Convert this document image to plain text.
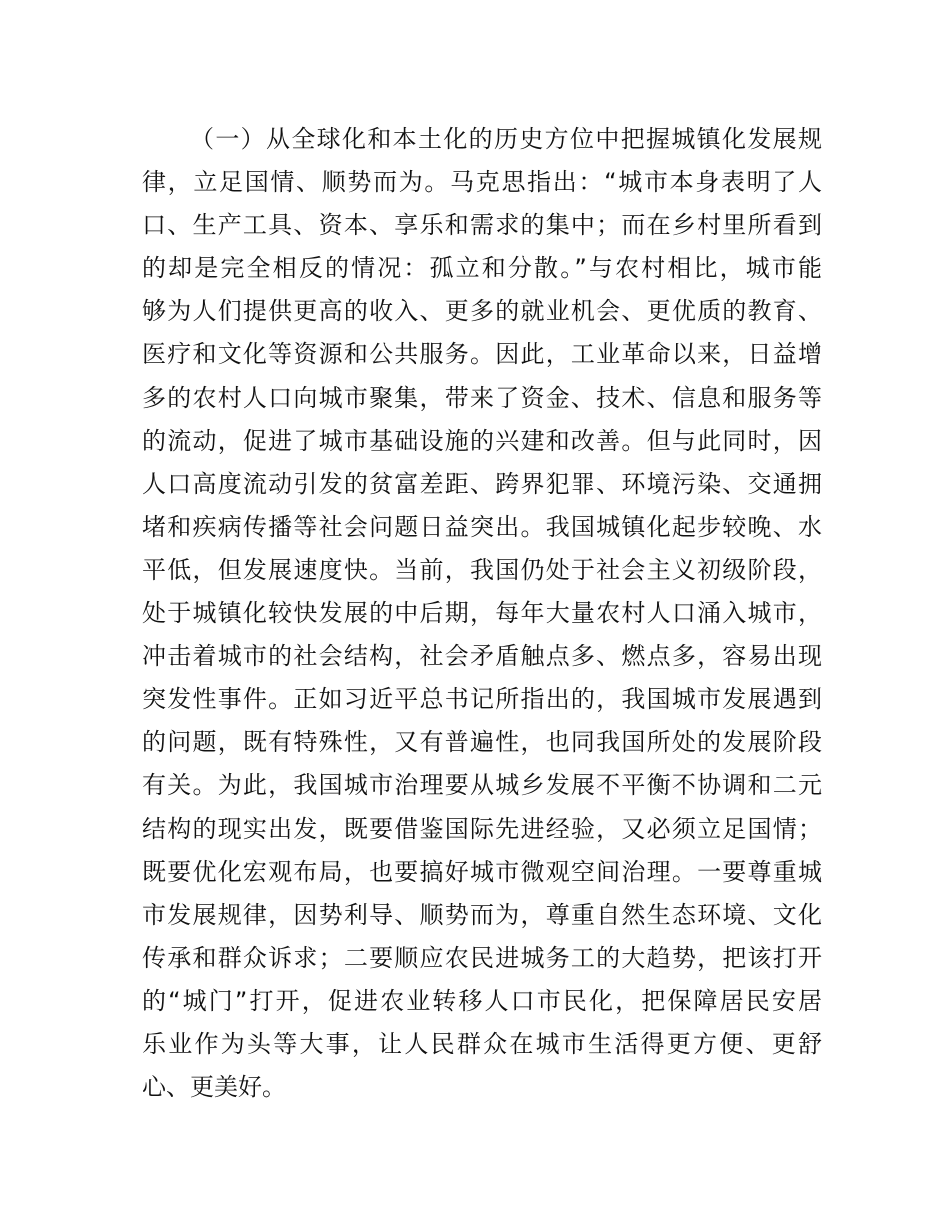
（一）从全球化和本土化的历史方位中把握城镇化发展规
律，立足国情、顺势而为。马克思指出：“城市本身表明了人
口、生产工具、资本、享乐和需求的集中；而在乡村里所看到
的却是完全相反的情况：孤立和分散。”与农村相比，城市能
够为人们提供更高的收入、更多的就业机会、更优质的教育、
医疗和文化等资源和公共服务。因此，工业革命以来，日益增
多的农村人口向城市聚集，带来了资金、技术、信息和服务等
的流动，促进了城市基础设施的兴建和改善。但与此同时，因
人口高度流动引发的贫富差距、跨界犯罪、环境污染、交通拥
堵和疾病传播等社会问题日益突出。我国城镇化起步较晚、水
平低，但发展速度快。当前，我国仍处于社会主义初级阶段，
处于城镇化较快发展的中后期，每年大量农村人口涌入城市，
冲击着城市的社会结构，社会矛盾触点多、燃点多，容易出现
突发性事件。正如习近平总书记所指出的，我国城市发展遇到
的问题，既有特殊性，又有普遍性，也同我国所处的发展阶段
有关。为此，我国城市治理要从城乡发展不平衡不协调和二元
结构的现实出发，既要借鉴国际先进经验，又必须立足国情；
既要优化宏观布局，也要搞好城市微观空间治理。一要尊重城
市发展规律，因势利导、顺势而为，尊重自然生态环境、文化
传承和群众诉求；二要顺应农民进城务工的大趋势，把该打开
的“城门”打开，促进农业转移人口市民化，把保障居民安居
乐业作为头等大事，让人民群众在城市生活得更方便、更舒
心、更美好。
